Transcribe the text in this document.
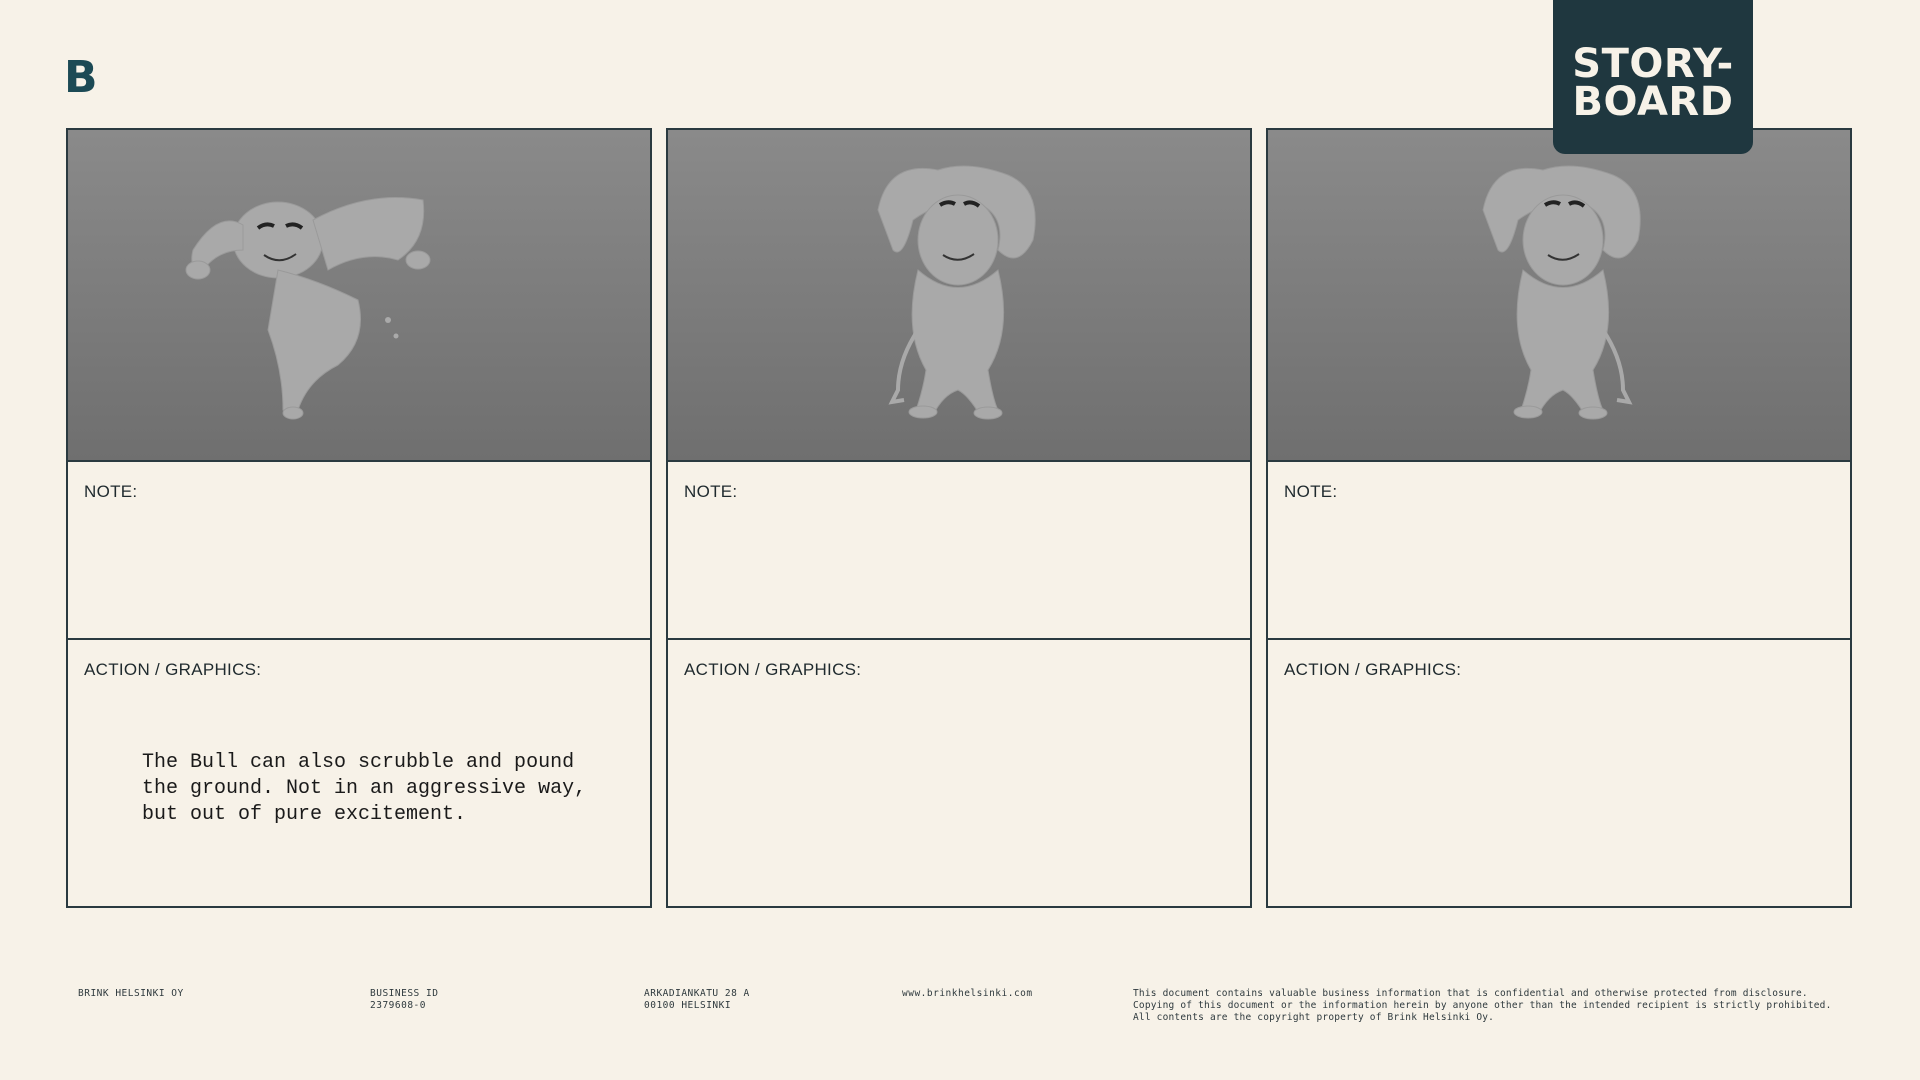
B	STORY-
BOARD
NOTE:
ACTION / GRAPHICS:
The Bull can also scrubble and pound
the ground. Not in an aggressive way,
but out of pure excitement.
NOTE:
ACTION / GRAPHICS:
NOTE:
ACTION / GRAPHICS:
BRINK HELSINKI OY	BUSINESS ID
2379608-0
ARKADIANKATU 28 A
00100 HELSINKI
www.brinkhelsinki.com	This document contains valuable business information that is confidential and otherwise protected from disclosure. Copying of this document or the information herein by anyone other than the intended recipient is strictly prohibited. All contents are the copyright property of Brink Helsinki Oy.
